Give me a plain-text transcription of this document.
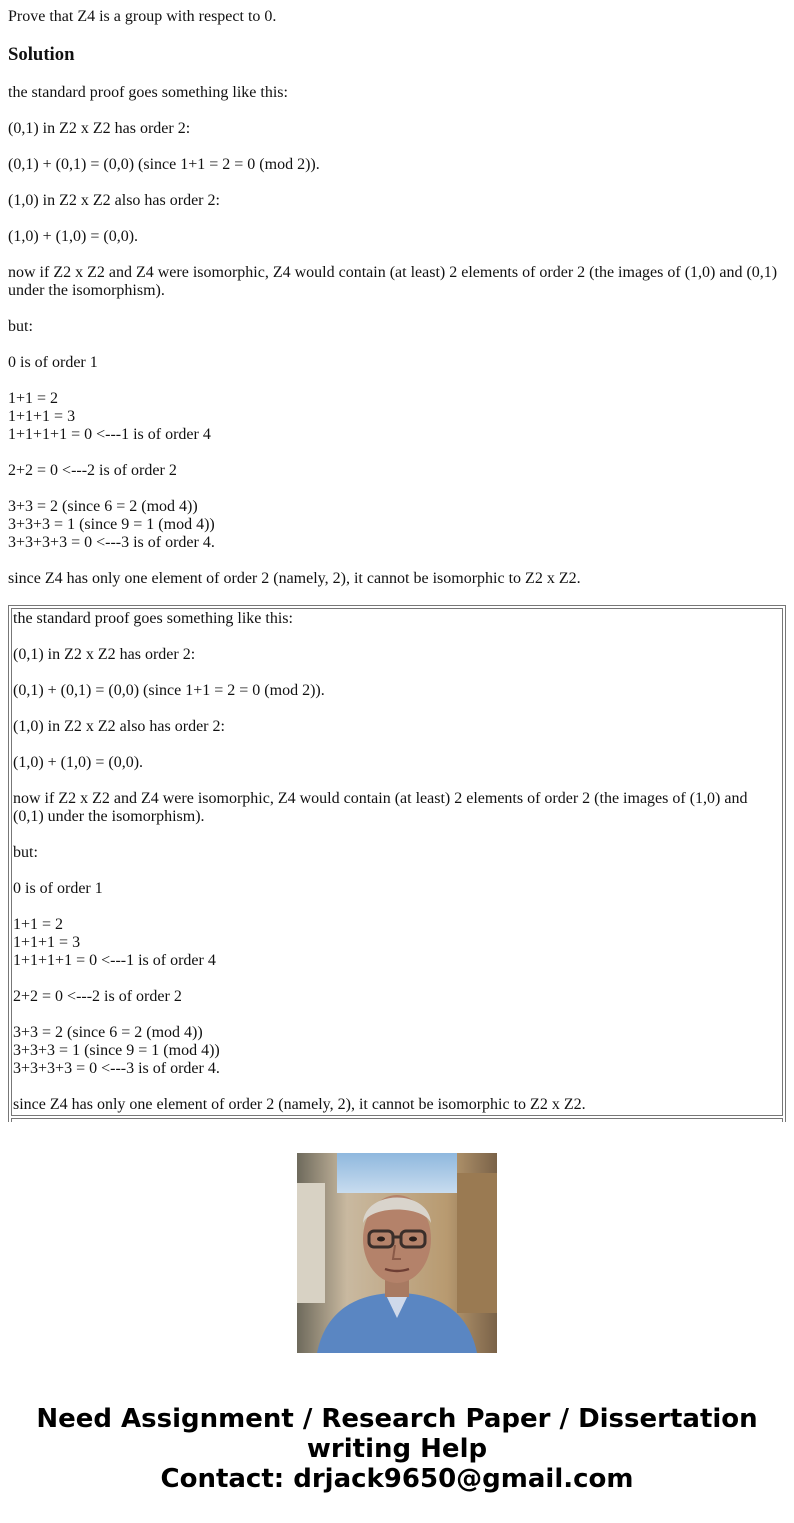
Prove that Z4 is a group with respect to 0.

Solution

the standard proof goes something like this:

(0,1) in Z2 x Z2 has order 2:

(0,1) + (0,1) = (0,0) (since 1+1 = 2 = 0 (mod 2)).

(1,0) in Z2 x Z2 also has order 2:

(1,0) + (1,0) = (0,0).

now if Z2 x Z2 and Z4 were isomorphic, Z4 would contain (at least) 2 elements of order 2 (the images of (1,0) and (0,1) under the isomorphism).

but:

0 is of order 1

1+1 = 2
1+1+1 = 3
1+1+1+1 = 0 <---1 is of order 4

2+2 = 0 <---2 is of order 2

3+3 = 2 (since 6 = 2 (mod 4))
3+3+3 = 1 (since 9 = 1 (mod 4))
3+3+3+3 = 0 <---3 is of order 4.

since Z4 has only one element of order 2 (namely, 2), it cannot be isomorphic to Z2 x Z2.

the standard proof goes something like this:

(0,1) in Z2 x Z2 has order 2:

(0,1) + (0,1) = (0,0) (since 1+1 = 2 = 0 (mod 2)).

(1,0) in Z2 x Z2 also has order 2:

(1,0) + (1,0) = (0,0).

now if Z2 x Z2 and Z4 were isomorphic, Z4 would contain (at least) 2 elements of order 2 (the images of (1,0) and (0,1) under the isomorphism).

but:

0 is of order 1

1+1 = 2
1+1+1 = 3
1+1+1+1 = 0 <---1 is of order 4

2+2 = 0 <---2 is of order 2

3+3 = 2 (since 6 = 2 (mod 4))
3+3+3 = 1 (since 9 = 1 (mod 4))
3+3+3+3 = 0 <---3 is of order 4.

since Z4 has only one element of order 2 (namely, 2), it cannot be isomorphic to Z2 x Z2.

Need Assignment / Research Paper / Dissertation
writing Help
Contact: drjack9650@gmail.com
